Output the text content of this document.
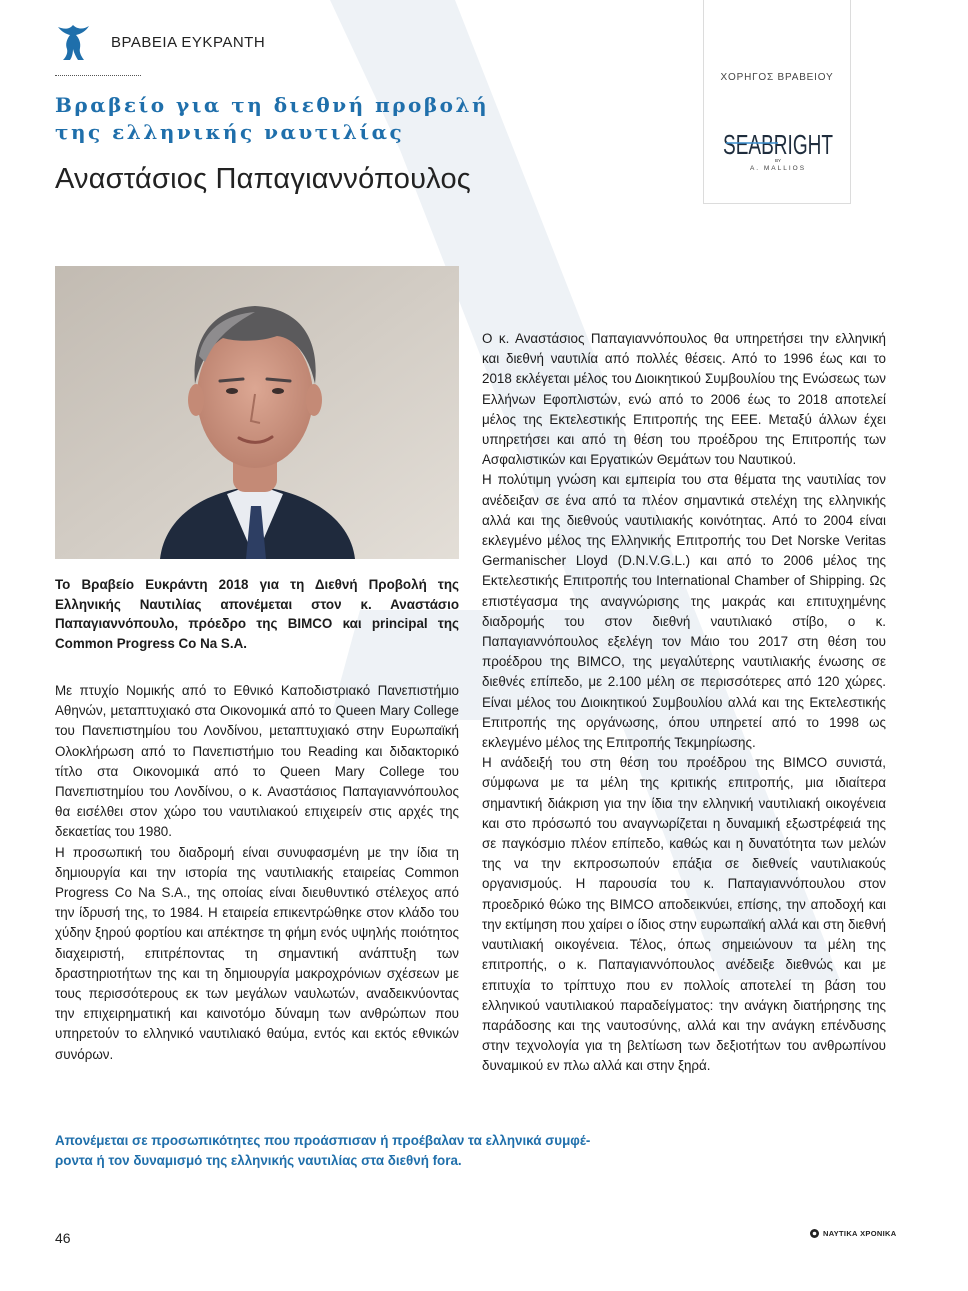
ΒΡΑΒΕΙΑ ΕΥΚΡΑΝΤΗ
Βραβείο για τη διεθνή προβολή
της ελληνικής ναυτιλίας
Αναστάσιος Παπαγιαννόπουλος
ΧΟΡΗΓΟΣ ΒΡΑΒΕΙΟΥ
SEABRIGHT
BY
A. MALLIOS
Το Βραβείο Ευκράντη 2018 για τη Διεθνή Προβολή της Ελληνικής Ναυτιλίας απονέμεται στον κ. Αναστάσιο Παπαγιαννόπουλο, πρόεδρο της BIMCO και principal της Common Progress Co Na S.A.

Με πτυχίο Νομικής από το Εθνικό Καποδιστριακό Πανεπιστήμιο Αθηνών, μεταπτυχιακό στα Οικονομικά από το Queen Mary College του Πανεπιστημίου του Λονδίνου, μεταπτυχιακό στην Ευρωπαϊκή Ολοκλήρωση από το Πανεπιστήμιο του Reading και διδακτορικό τίτλο στα Οικονομικά από το Queen Mary College του Πανεπιστημίου του Λονδίνου, ο κ. Αναστάσιος Παπαγιαννόπουλος θα εισέλθει στον χώρο του ναυτιλιακού επιχειρείν στις αρχές της δεκαετίας του 1980.

Η προσωπική του διαδρομή είναι συνυφασμένη με την ίδια τη δημιουργία και την ιστορία της ναυτιλιακής εταιρείας Common Progress Co Na S.A., της οποίας είναι διευθυντικό στέλεχος από την ίδρυσή της, το 1984. Η εταιρεία επικεντρώθηκε στον κλάδο του χύδην ξηρού φορτίου και απέκτησε τη φήμη ενός υψηλής ποιότητος διαχειριστή, επιτρέποντας τη σημαντική ανάπτυξη των δραστηριοτήτων της και τη δημιουργία μακροχρόνιων σχέσεων με τους περισσότερους εκ των μεγάλων ναυλωτών, αναδεικνύοντας την επιχειρηματική και καινοτόμο δύναμη των ανθρώπων που υπηρετούν το ελληνικό ναυτιλιακό θαύμα, εντός και εκτός εθνικών συνόρων.

Ο κ. Αναστάσιος Παπαγιαννόπουλος θα υπηρετήσει την ελληνική και διεθνή ναυτιλία από πολλές θέσεις. Από το 1996 έως και το 2018 εκλέγεται μέλος του Διοικητικού Συμβουλίου της Ενώσεως των Ελλήνων Εφοπλιστών, ενώ από το 2006 έως το 2018 αποτελεί μέλος της Εκτελεστικής Επιτροπής της ΕΕΕ. Μεταξύ άλλων έχει υπηρετήσει και από τη θέση του προέδρου της Επιτροπής των Ασφαλιστικών και Εργατικών Θεμάτων του Ναυτικού.

Η πολύτιμη γνώση και εμπειρία του στα θέματα της ναυτιλίας τον ανέδειξαν σε ένα από τα πλέον σημαντικά στελέχη της ελληνικής αλλά και της διεθνούς ναυτιλιακής κοινότητας. Από το 2004 είναι εκλεγμένο μέλος της Ελληνικής Επιτροπής του Det Norske Veritas Germanischer Lloyd (D.N.V.G.L.) και από το 2006 μέλος της Εκτελεστικής Επιτροπής του International Chamber of Shipping. Ως επιστέγασμα της αναγνώρισης της μακράς και επιτυχημένης διαδρομής του στον διεθνή ναυτιλιακό στίβο, ο κ. Παπαγιαννόπουλος εξελέγη τον Μάιο του 2017 στη θέση του προέδρου της BIMCO, της μεγαλύτερης ναυτιλιακής ένωσης σε διεθνές επίπεδο, με 2.100 μέλη σε περισσότερες από 120 χώρες. Είναι μέλος του Διοικητικού Συμβουλίου αλλά και της Εκτελεστικής Επιτροπής της οργάνωσης, όπου υπηρετεί από το 1998 ως εκλεγμένο μέλος της Επιτροπής Τεκμηρίωσης.

Η ανάδειξή του στη θέση του προέδρου της BIMCO συνιστά, σύμφωνα με τα μέλη της κριτικής επιτροπής, μια ιδιαίτερα σημαντική διάκριση για την ίδια την ελληνική ναυτιλιακή οικογένεια και στο πρόσωπό του αναγνωρίζεται η δυναμική εξωστρέφειά της σε παγκόσμιο πλέον επίπεδο, καθώς και η δυνατότητα των μελών της να την εκπροσωπούν επάξια σε διεθνείς ναυτιλιακούς οργανισμούς. Η παρουσία του κ. Παπαγιαννόπουλου στον προεδρικό θώκο της BIMCO αποδεικνύει, επίσης, την αποδοχή και την εκτίμηση που χαίρει ο ίδιος στην ευρωπαϊκή αλλά και στη διεθνή ναυτιλιακή οικογένεια. Τέλος, όπως σημειώνουν τα μέλη της επιτροπής, ο κ. Παπαγιαννόπουλος ανέδειξε διεθνώς και με επιτυχία το τρίπτυχο που εν πολλοίς αποτελεί τη βάση του ελληνικού ναυτιλιακού παραδείγματος: την ανάγκη διατήρησης της παράδοσης και της ναυτοσύνης, αλλά και την ανάγκη επένδυσης στην τεχνολογία για τη βελτίωση των δεξιοτήτων του ανθρωπίνου δυναμικού εν πλω αλλά και στην ξηρά.

Απονέμεται σε προσωπικότητες που προάσπισαν ή προέβαλαν τα ελληνικά συμφέ-
ροντα ή τον δυναμισμό της ελληνικής ναυτιλίας στα διεθνή fora.
46	ΝΑΥΤΙΚΑ ΧΡΟΝΙΚΑ
